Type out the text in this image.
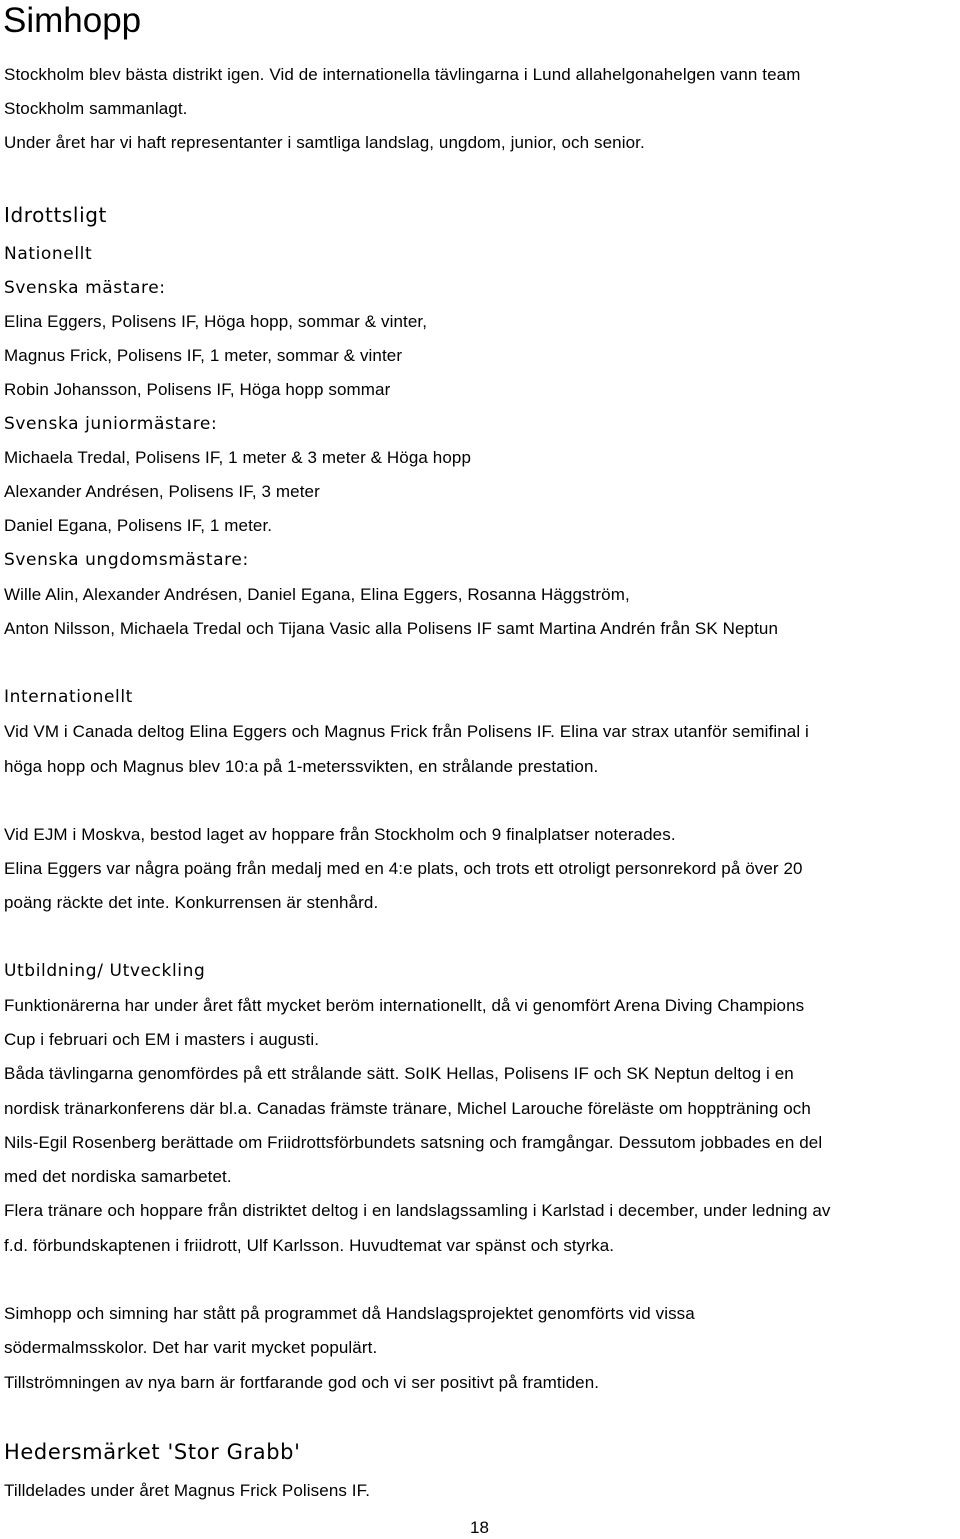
Simhopp
Stockholm blev bästa distrikt igen. Vid de internationella tävlingarna i Lund allahelgonahelgen vann team
Stockholm sammanlagt.
Under året har vi haft representanter i samtliga landslag, ungdom, junior, och senior.
Idrottsligt
Nationellt
Svenska mästare:
Elina Eggers, Polisens IF, Höga hopp, sommar & vinter,
Magnus Frick, Polisens IF, 1 meter, sommar & vinter
Robin Johansson, Polisens IF, Höga hopp sommar
Svenska juniormästare:
Michaela Tredal, Polisens IF, 1 meter & 3 meter & Höga hopp
Alexander Andrésen, Polisens IF, 3 meter
Daniel Egana, Polisens IF, 1 meter.
Svenska ungdomsmästare:
Wille Alin, Alexander Andrésen, Daniel Egana, Elina Eggers, Rosanna Häggström,
Anton Nilsson, Michaela Tredal och Tijana Vasic alla Polisens IF samt Martina Andrén från SK Neptun
Internationellt
Vid VM i Canada deltog Elina Eggers och Magnus Frick från Polisens IF. Elina var strax utanför semifinal i
höga hopp och Magnus blev 10:a på 1-meterssvikten, en strålande prestation.
Vid EJM i Moskva, bestod laget av hoppare från Stockholm och 9 finalplatser noterades.
Elina Eggers var några poäng från medalj med en 4:e plats, och trots ett otroligt personrekord på över 20
poäng räckte det inte. Konkurrensen är stenhård.
Utbildning/ Utveckling
Funktionärerna har under året fått mycket beröm internationellt, då vi genomfört Arena Diving Champions
Cup i februari och EM i masters i augusti.
Båda tävlingarna genomfördes på ett strålande sätt. SoIK Hellas, Polisens IF och SK Neptun deltog i en
nordisk tränarkonferens där bl.a. Canadas främste tränare, Michel Larouche föreläste om hoppträning och
Nils-Egil Rosenberg berättade om Friidrottsförbundets satsning och framgångar. Dessutom jobbades en del
med det nordiska samarbetet.
Flera tränare och hoppare från distriktet deltog i en landslagssamling i Karlstad i december, under ledning av
f.d. förbundskaptenen i friidrott, Ulf Karlsson. Huvudtemat var spänst och styrka.
Simhopp och simning har stått på programmet då Handslagsprojektet genomförts vid vissa
södermalmsskolor. Det har varit mycket populärt.
Tillströmningen av nya barn är fortfarande god och vi ser positivt på framtiden.
Hedersmärket 'Stor Grabb'
Tilldelades under året Magnus Frick Polisens IF.
18
